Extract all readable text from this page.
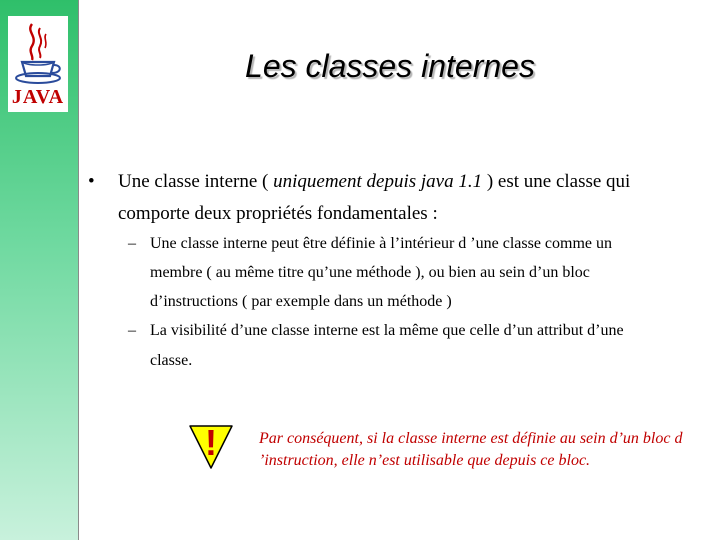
JAVA
Les classes internes
•	Une classe interne ( uniquement depuis java 1.1 ) est une classe qui comporte deux propriétés fondamentales :
– Une classe interne peut être définie à l’intérieur d ’une classe comme un membre ( au même titre qu’une méthode ), ou bien au sein d’un bloc d’instructions ( par exemple dans un méthode )
– La visibilité d’une classe interne est la même que celle d’un attribut d’une classe.
!	Par conséquent, si la classe interne est définie au sein d’un bloc d ’instruction, elle n’est utilisable que depuis ce bloc.
